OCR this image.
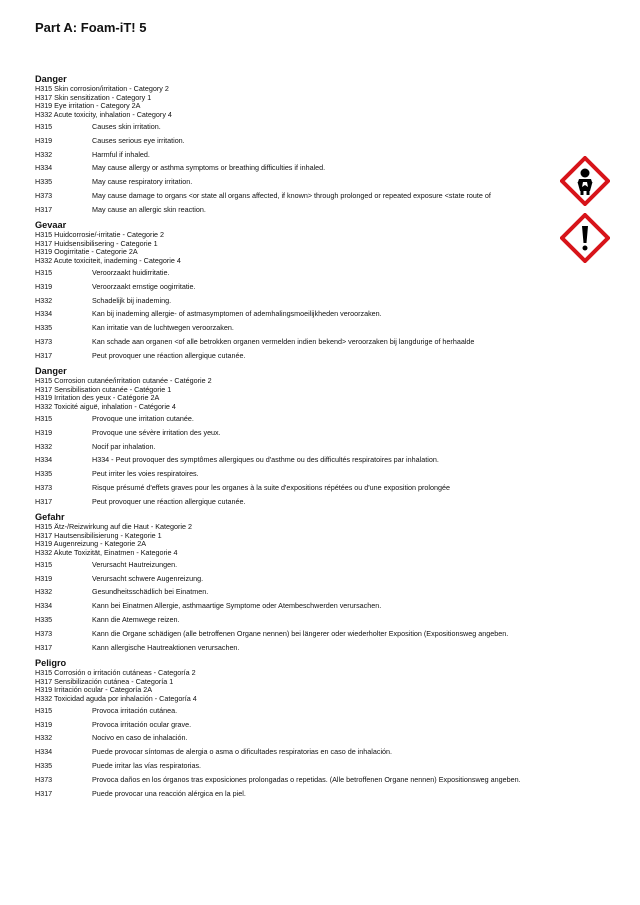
Part A: Foam-iT! 5
Danger
H315 Skin corrosion/irritation - Category 2
H317 Skin sensitization - Category 1
H319 Eye irritation - Category 2A
H332 Acute toxicity, inhalation - Category 4
H315	Causes skin irritation.
H319	Causes serious eye irritation.
H332	Harmful if inhaled.
H334	May cause allergy or asthma symptoms or breathing difficulties if inhaled.
H335	May cause respiratory irritation.
H373	May cause damage to organs <or state all organs affected, if known> through prolonged or repeated exposure <state route of
H317	May cause an allergic skin reaction.
Gevaar
H315 Huidcorrosie/-irritatie - Categorie 2
H317 Huidsensibilisering - Categorie 1
H319 Oogirritatie - Categorie 2A
H332 Acute toxiciteit, inademing - Categorie 4
H315	Veroorzaakt huidirritatie.
H319	Veroorzaakt ernstige oogirritatie.
H332	Schadelijk bij inademing.
H334	Kan bij inademing allergie- of astmasymptomen of ademhalingsmoeilijkheden veroorzaken.
H335	Kan irritatie van de luchtwegen veroorzaken.
H373	Kan schade aan organen <of alle betrokken organen vermelden indien bekend> veroorzaken bij langdurige of herhaalde
H317	Peut provoquer une réaction allergique cutanée.
Danger
H315 Corrosion cutanée/irritation cutanée - Catégorie 2
H317 Sensibilisation cutanée - Catégorie 1
H319 Irritation des yeux - Catégorie 2A
H332 Toxicité aiguë, inhalation - Catégorie 4
H315	Provoque une irritation cutanée.
H319	Provoque une sévère irritation des yeux.
H332	Nocif par inhalation.
H334	H334 - Peut provoquer des symptômes allergiques ou d'asthme ou des difficultés respiratoires par inhalation.
H335	Peut irriter les voies respiratoires.
H373	Risque présumé d'effets graves pour les organes à la suite d'expositions répétées ou d'une exposition prolongée
H317	Peut provoquer une réaction allergique cutanée.
Gefahr
H315 Ätz-/Reizwirkung auf die Haut - Kategorie 2
H317 Hautsensibilisierung - Kategorie 1
H319 Augenreizung - Kategorie 2A
H332 Akute Toxizität, Einatmen - Kategorie 4
H315	Verursacht Hautreizungen.
H319	Verursacht schwere Augenreizung.
H332	Gesundheitsschädlich bei Einatmen.
H334	Kann bei Einatmen Allergie, asthmaartige Symptome oder Atembeschwerden verursachen.
H335	Kann die Atemwege reizen.
H373	Kann die Organe schädigen (alle betroffenen Organe nennen) bei längerer oder wiederholter Exposition (Expositionsweg angeben.
H317	Kann allergische Hautreaktionen verursachen.
Peligro
H315 Corrosión o irritación cutáneas - Categoría 2
H317 Sensibilización cutánea - Categoría 1
H319 Irritación ocular - Categoría 2A
H332 Toxicidad aguda por inhalación - Categoría 4
H315	Provoca irritación cutánea.
H319	Provoca irritación ocular grave.
H332	Nocivo en caso de inhalación.
H334	Puede provocar síntomas de alergia o asma o dificultades respiratorias en caso de inhalación.
H335	Puede irritar las vías respiratorias.
H373	Provoca daños en los órganos tras exposiciones prolongadas o repetidas. (Alle betroffenen Organe nennen) Expositionsweg angeben.
H317	Puede provocar una reacción alérgica en la piel.
